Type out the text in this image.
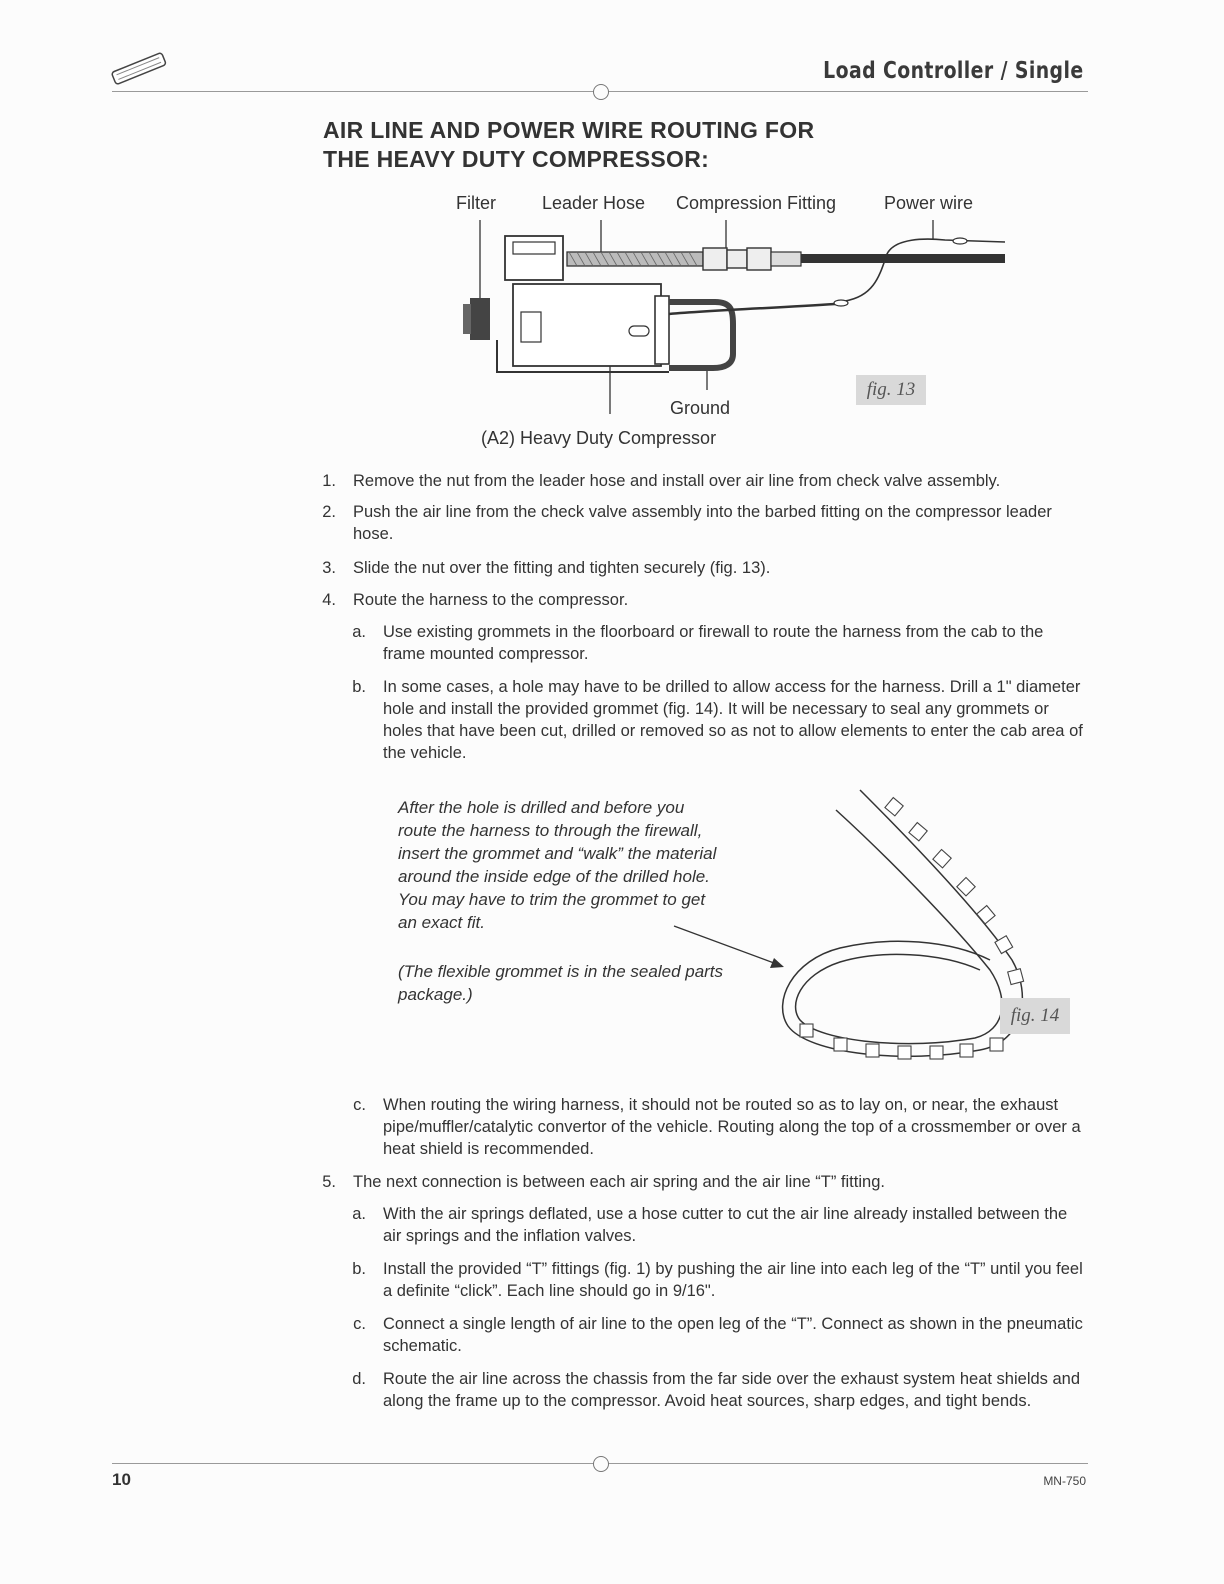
Load Controller / Single
AIR LINE AND POWER WIRE ROUTING FOR
THE HEAVY DUTY COMPRESSOR:
Filter	Leader Hose Compression Fitting	Power wire
fig. 13
Ground
(A2) Heavy Duty Compressor
1. Remove the nut from the leader hose and install over air line from check valve assembly.
2. Push the air line from the check valve assembly into the barbed fitting on the compressor leader hose.
3. Slide the nut over the fitting and tighten securely (fig. 13).
4. Route the harness to the compressor.
a. Use existing grommets in the floorboard or firewall to route the harness from the cab to the frame mounted compressor.
b. In some cases, a hole may have to be drilled to allow access for the harness. Drill a 1" diameter hole and install the provided grommet (fig. 14). It will be necessary to seal any grommets or holes that have been cut, drilled or removed so as not to allow elements to enter the cab area of the vehicle.
After the hole is drilled and before you route the harness to through the firewall, insert the grommet and “walk” the material around the inside edge of the drilled hole. You may have to trim the grommet to get an exact fit.
(The flexible grommet is in the sealed parts package.)
fig. 14
c. When routing the wiring harness, it should not be routed so as to lay on, or near, the exhaust pipe/muffler/catalytic convertor of the vehicle. Routing along the top of a crossmember or over a heat shield is recommended.
5. The next connection is between each air spring and the air line “T” fitting.
a. With the air springs deflated, use a hose cutter to cut the air line already installed between the air springs and the inflation valves.
b. Install the provided “T” fittings (fig. 1) by pushing the air line into each leg of the “T” until you feel a definite “click”. Each line should go in 9/16".
c. Connect a single length of air line to the open leg of the “T”. Connect as shown in the pneumatic schematic.
d. Route the air line across the chassis from the far side over the exhaust system heat shields and along the frame up to the compressor. Avoid heat sources, sharp edges, and tight bends.
10	MN-750
